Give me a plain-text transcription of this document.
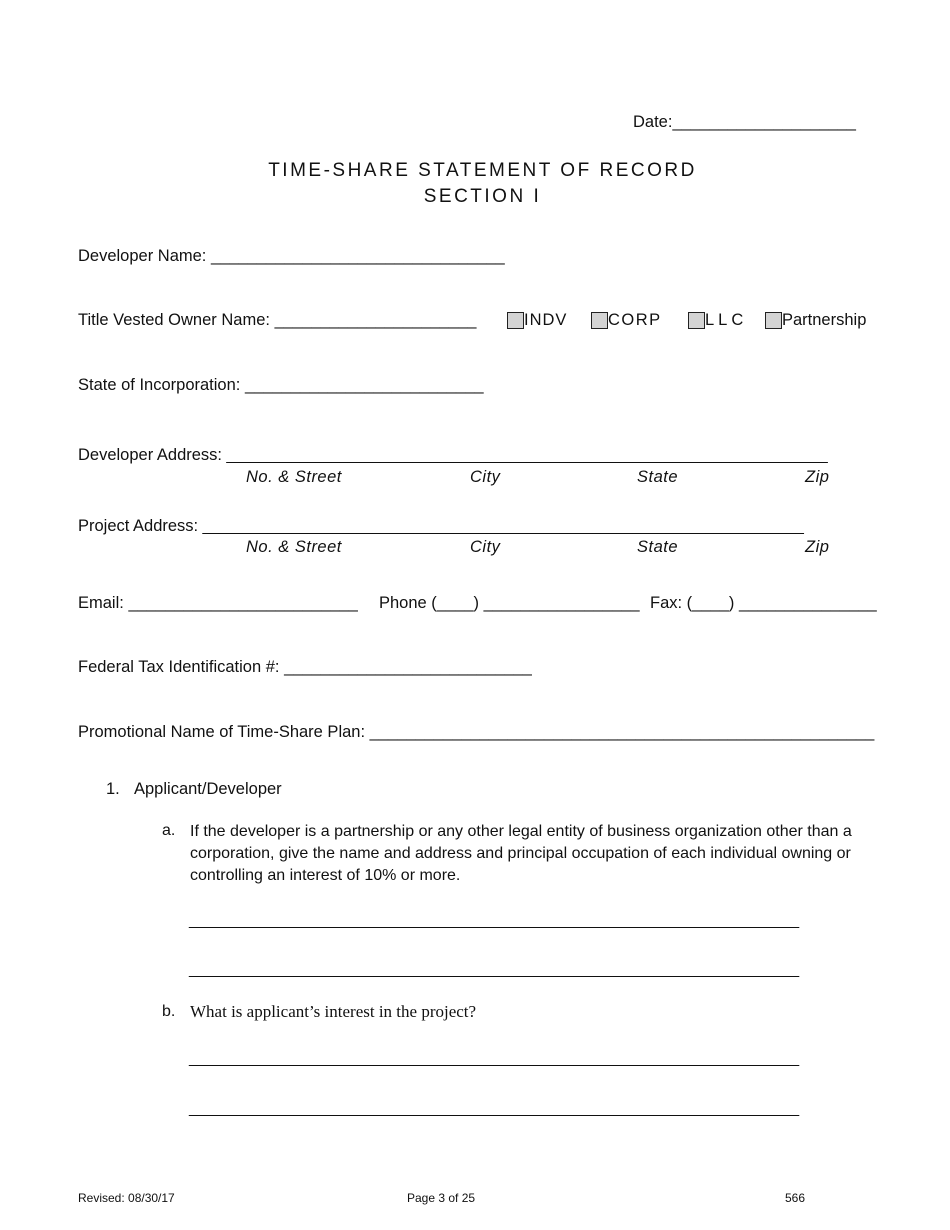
Date:____________________
TIME-SHARE STATEMENT OF RECORD
SECTION I
Developer Name: ________________________________
Title Vested Owner Name: ______________________	INDV	CORP	LLC	Partnership
State of Incorporation: __________________________
Developer Address: __________________________________________________________________________
No. & Street	City	State	Zip
Project Address: __________________________________________________________________________
No. & Street	City	State	Zip
Email: _________________________ Phone (____) _________________ Fax: (____) _______________
Federal Tax Identification #: ___________________________
Promotional Name of Time-Share Plan: _______________________________________________________
1. Applicant/Developer
a. If the developer is a partnership or any other legal entity of business organization other than a corporation, give the name and address and principal occupation of each individual owning or controlling an interest of 10% or more.
____________________________________________________________________________
____________________________________________________________________________
b. What is applicant’s interest in the project?
____________________________________________________________________________
____________________________________________________________________________
Revised: 08/30/17	Page 3 of 25	566
